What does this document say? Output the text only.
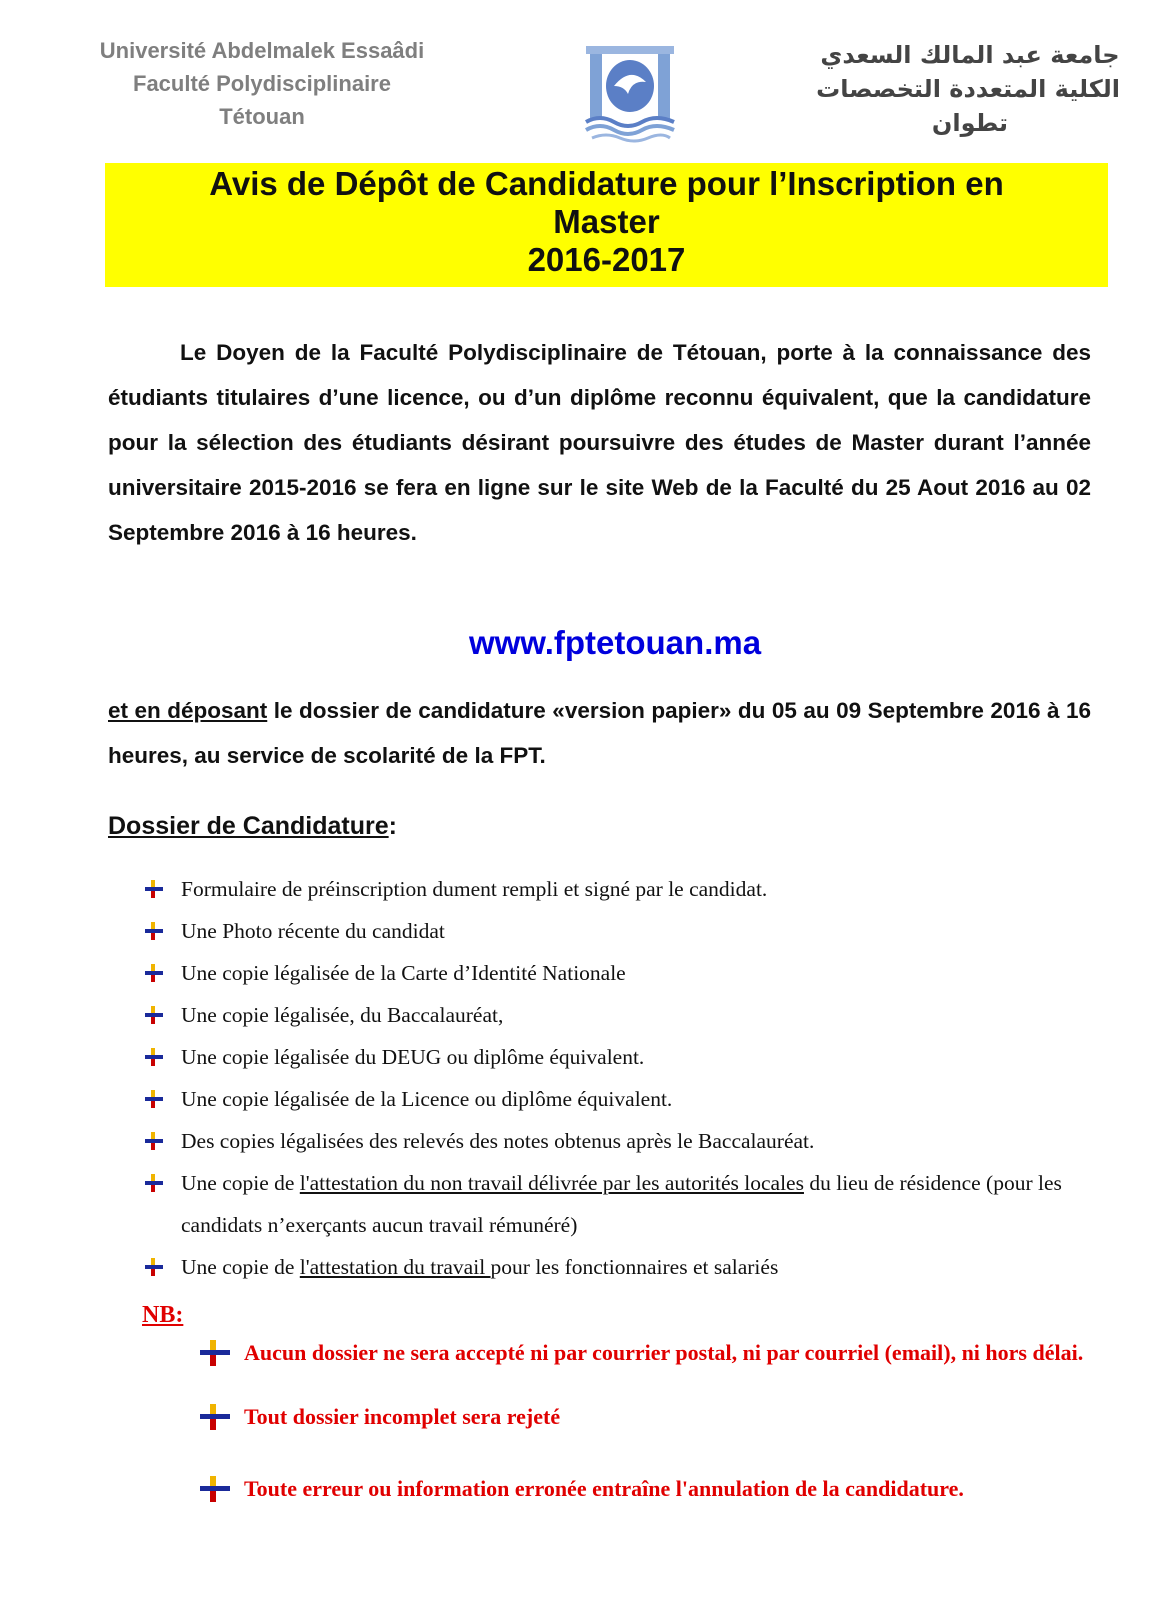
Université Abdelmalek Essaâdi
Faculté Polydisciplinaire
Tétouan
جامعة عبد المالك السعدي
الكلية المتعددة التخصصات
تطوان
Avis de Dépôt de Candidature pour l’Inscription en
Master
2016-2017
Le Doyen de la Faculté Polydisciplinaire de Tétouan, porte à la connaissance des étudiants titulaires d’une licence, ou d’un diplôme reconnu équivalent, que la candidature pour la sélection des étudiants désirant poursuivre des études de Master durant l’année universitaire 2015-2016 se fera en ligne sur le site Web de la Faculté du 25 Aout 2016 au 02 Septembre 2016 à 16 heures.
www.fptetouan.ma
et en déposant le dossier de candidature «version papier» du 05 au 09 Septembre 2016 à 16 heures, au service de scolarité de la FPT.
Dossier de Candidature:
Formulaire de préinscription dument rempli et signé par le candidat.
Une Photo récente du candidat
Une copie légalisée de la Carte d’Identité Nationale
Une copie légalisée, du Baccalauréat,
Une copie légalisée du DEUG ou diplôme équivalent.
Une copie légalisée de la Licence ou diplôme équivalent.
Des copies légalisées des relevés des notes obtenus après le Baccalauréat.
Une copie de l'attestation du non travail délivrée par les autorités locales du lieu de résidence (pour les candidats n’exerçants aucun travail rémunéré)
Une copie de l'attestation du travail pour les fonctionnaires et salariés
NB:
Aucun dossier ne sera accepté ni par courrier postal, ni par courriel (email), ni hors délai.
Tout dossier incomplet sera rejeté
Toute erreur ou information erronée entraîne l'annulation de la candidature.
